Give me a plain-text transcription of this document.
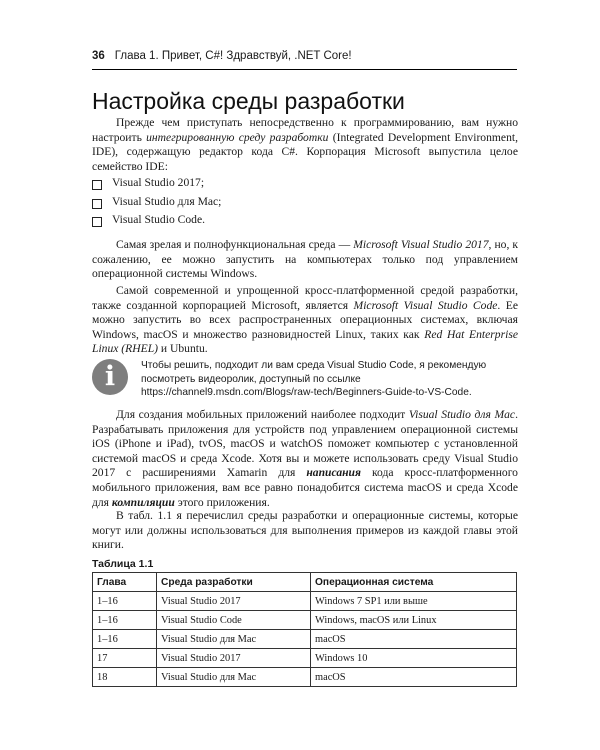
36 Глава 1. Привет, C#! Здравствуй, .NET Core!
Настройка среды разработки

Прежде чем приступать непосредственно к программированию, вам нужно настроить интегрированную среду разработки (Integrated Development Environment, IDE), содержащую редактор кода C#. Корпорация Microsoft выпустила целое семейство IDE:

Visual Studio 2017;
Visual Studio для Mac;
Visual Studio Code.

Самая зрелая и полнофункциональная среда — Microsoft Visual Studio 2017, но, к сожалению, ее можно запустить на компьютерах только под управлением операционной системы Windows.

Самой современной и упрощенной кросс-платформенной средой разработки, также созданной корпорацией Microsoft, является Microsoft Visual Studio Code. Ее можно запустить во всех распространенных операционных системах, включая Windows, macOS и множество разновидностей Linux, таких как Red Hat Enterprise Linux (RHEL) и Ubuntu.

i	Чтобы решить, подходит ли вам среда Visual Studio Code, я рекомендую посмотреть видеоролик, доступный по ссылке https://channel9.msdn.com/Blogs/raw-tech/Beginners-Guide-to-VS-Code.

Для создания мобильных приложений наиболее подходит Visual Studio для Mac. Разрабатывать приложения для устройств под управлением операционной системы iOS (iPhone и iPad), tvOS, macOS и watchOS поможет компьютер с установленной системой macOS и среда Xcode. Хотя вы и можете использовать среду Visual Studio 2017 с расширениями Xamarin для написания кода кросс-платформенного мобильного приложения, вам все равно понадобится система macOS и среда Xcode для компиляции этого приложения.

В табл. 1.1 я перечислил среды разработки и операционные системы, которые могут или должны использоваться для выполнения примеров из каждой главы этой книги.

Таблица 1.1
Глава	Среда разработки	Операционная система
1–16	Visual Studio 2017	Windows 7 SP1 или выше
1–16	Visual Studio Code	Windows, macOS или Linux
1–16	Visual Studio для Mac	macOS
17	Visual Studio 2017	Windows 10
18	Visual Studio для Mac	macOS
